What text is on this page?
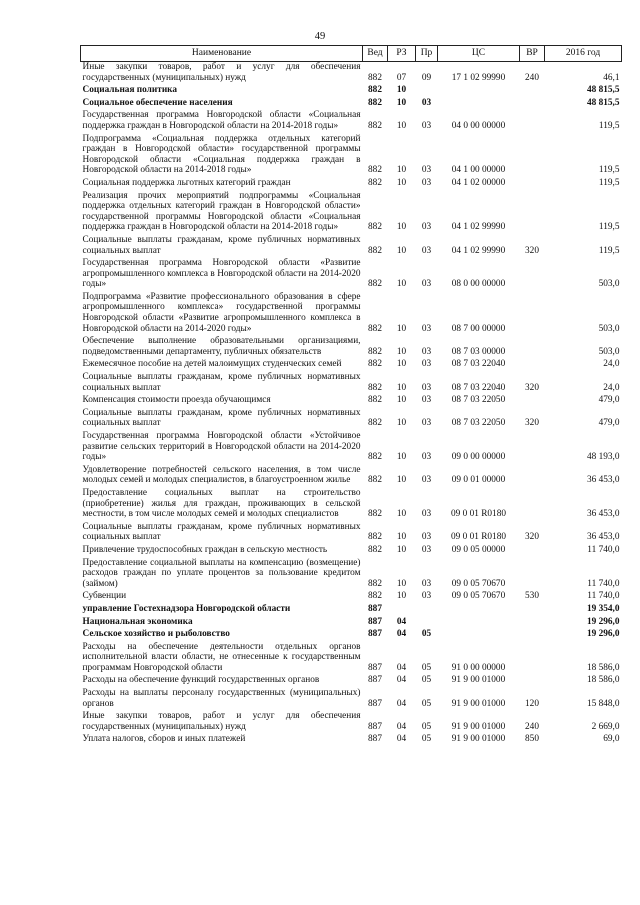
49
Наименование	Вед	РЗ	Пр	ЦС	ВР	2016 год
Иные закупки товаров, работ и услуг для обеспечения государственных (муниципальных) нужд	882	07	09	17 1 02 99990	240	46,1
Социальная политика	882	10				48 815,5
Социальное обеспечение населения	882	10	03			48 815,5
Государственная программа Новгородской области «Социальная поддержка граждан в Новгородской области на 2014-2018 годы»	882	10	03	04 0 00 00000		119,5
Подпрограмма «Социальная поддержка отдельных категорий граждан в Новгородской области» государственной программы Новгородской области «Социальная поддержка граждан в Новгородской области на 2014-2018 годы»	882	10	03	04 1 00 00000		119,5
Социальная поддержка льготных категорий граждан	882	10	03	04 1 02 00000		119,5
Реализация прочих мероприятий подпрограммы «Социальная поддержка отдельных категорий граждан в Новгородской области» государственной программы Новгородской области «Социальная поддержка граждан в Новгородской области на 2014-2018 годы»	882	10	03	04 1 02 99990		119,5
Социальные выплаты гражданам, кроме публичных нормативных социальных выплат	882	10	03	04 1 02 99990	320	119,5
Государственная программа Новгородской области «Развитие агропромышленного комплекса в Новгородской области на 2014-2020 годы»	882	10	03	08 0 00 00000		503,0
Подпрограмма «Развитие профессионального образования в сфере агропромышленного комплекса» государственной программы Новгородской области «Развитие агропромышленного комплекса в Новгородской области на 2014-2020 годы»	882	10	03	08 7 00 00000		503,0
Обеспечение выполнение образовательными организациями, подведомственными департаменту, публичных обязательств	882	10	03	08 7 03 00000		503,0
Ежемесячное пособие на детей малоимущих студенческих семей	882	10	03	08 7 03 22040		24,0
Социальные выплаты гражданам, кроме публичных нормативных социальных выплат	882	10	03	08 7 03 22040	320	24,0
Компенсация стоимости проезда обучающимся	882	10	03	08 7 03 22050		479,0
Социальные выплаты гражданам, кроме публичных нормативных социальных выплат	882	10	03	08 7 03 22050	320	479,0
Государственная программа Новгородской области «Устойчивое развитие сельских территорий в Новгородской области на 2014-2020 годы»	882	10	03	09 0 00 00000		48 193,0
Удовлетворение потребностей сельского населения, в том числе молодых семей и молодых специалистов, в благоустроенном жилье	882	10	03	09 0 01 00000		36 453,0
Предоставление социальных выплат на строительство (приобретение) жилья для граждан, проживающих в сельской местности, в том числе молодых семей и молодых специалистов	882	10	03	09 0 01 R0180		36 453,0
Социальные выплаты гражданам, кроме публичных нормативных социальных выплат	882	10	03	09 0 01 R0180	320	36 453,0
Привлечение трудоспособных граждан в сельскую местность	882	10	03	09 0 05 00000		11 740,0
Предоставление социальной выплаты на компенсацию (возмещение) расходов граждан по уплате процентов за пользование кредитом (займом)	882	10	03	09 0 05 70670		11 740,0
Субвенции	882	10	03	09 0 05 70670	530	11 740,0
управление Гостехнадзора Новгородской области	887					19 354,0
Национальная экономика	887	04				19 296,0
Сельское хозяйство и рыболовство	887	04	05			19 296,0
Расходы на обеспечение деятельности отдельных органов исполнительной власти области, не отнесенные к государственным программам Новгородской области	887	04	05	91 0 00 00000		18 586,0
Расходы на обеспечение функций государственных органов	887	04	05	91 9 00 01000		18 586,0
Расходы на выплаты персоналу государственных (муниципальных) органов	887	04	05	91 9 00 01000	120	15 848,0
Иные закупки товаров, работ и услуг для обеспечения государственных (муниципальных) нужд	887	04	05	91 9 00 01000	240	2 669,0
Уплата налогов, сборов и иных платежей	887	04	05	91 9 00 01000	850	69,0
